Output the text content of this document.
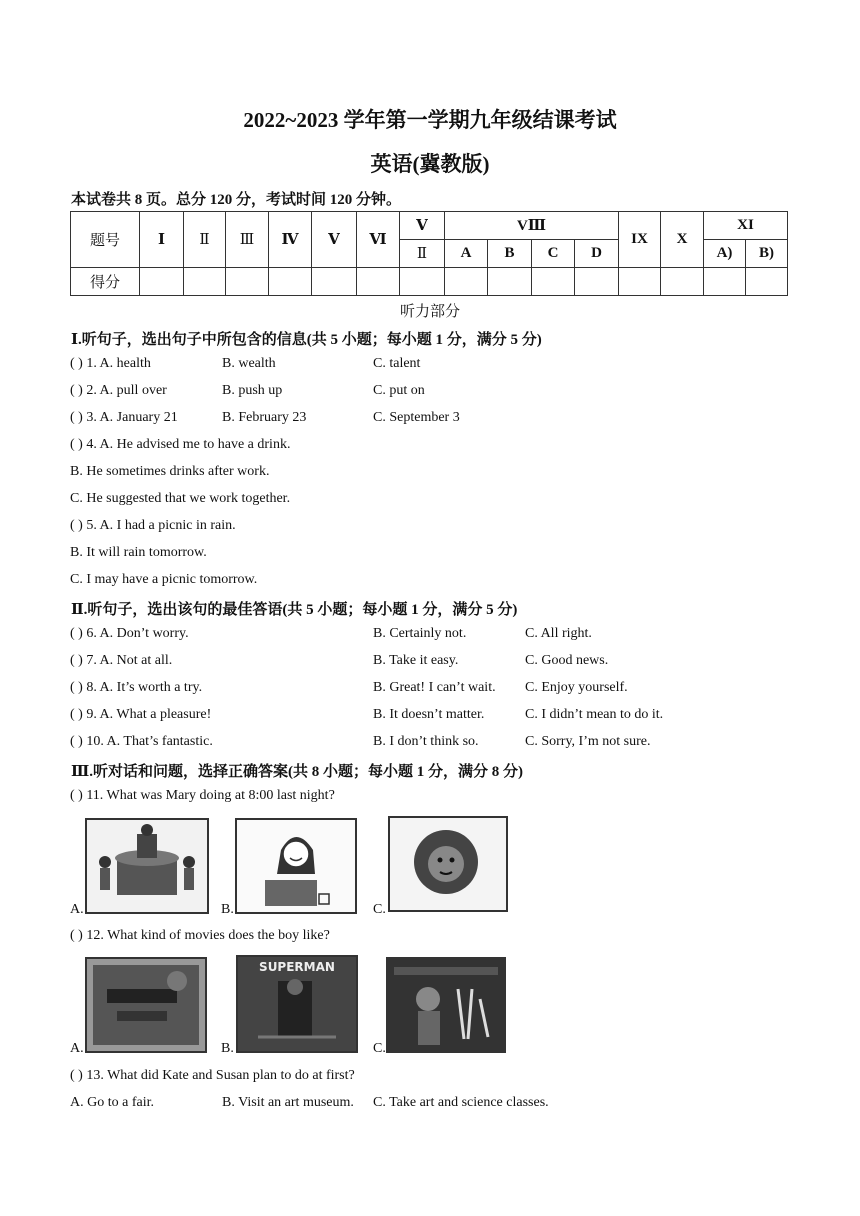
2022~2023 学年第一学期九年级结课考试
英语(冀教版)
本试卷共 8 页。总分 120 分，考试时间 120 分钟。
题号	Ⅰ	Ⅱ	Ⅲ	Ⅳ	Ⅴ	Ⅵ	Ⅴ	VⅢ				IX	X	XI	
							Ⅱ	A	B	C	D			A)	B)
得分															
听力部分
Ⅰ.听句子，选出句子中所包含的信息(共 5 小题；每小题 1 分，满分 5 分)
( ) 1. A. health	B. wealth	C. talent
( ) 2. A. pull over	B. push up	C. put on
( ) 3. A. January 21	B. February 23	C. September 3
( ) 4. A. He advised me to have a drink.
B. He sometimes drinks after work.
C. He suggested that we work together.
( ) 5. A. I had a picnic in rain.
B. It will rain tomorrow.
C. I may have a picnic tomorrow.
Ⅱ.听句子，选出该句的最佳答语(共 5 小题；每小题 1 分，满分 5 分)
( ) 6. A. Don’t worry.	B. Certainly not.	C. All right.
( ) 7. A. Not at all.	B. Take it easy.	C. Good news.
( ) 8. A. It’s worth a try.	B. Great! I can’t wait. C. Enjoy yourself.
( ) 9. A. What a pleasure!	B. It doesn’t matter.	C. I didn’t mean to do it.
( ) 10. A. That’s fantastic.	B. I don’t think so.	C. Sorry, I’m not sure.
Ⅲ.听对话和问题，选择正确答案(共 8 小题；每小题 1 分，满分 8 分)
( ) 11. What was Mary doing at 8:00 last night?
A.	B.	C.
( ) 12. What kind of movies does the boy like?
A.	B.
SUPERMAN
C.
( ) 13. What did Kate and Susan plan to do at first?
A. Go to a fair.	B. Visit an art museum. C. Take art and science classes.
